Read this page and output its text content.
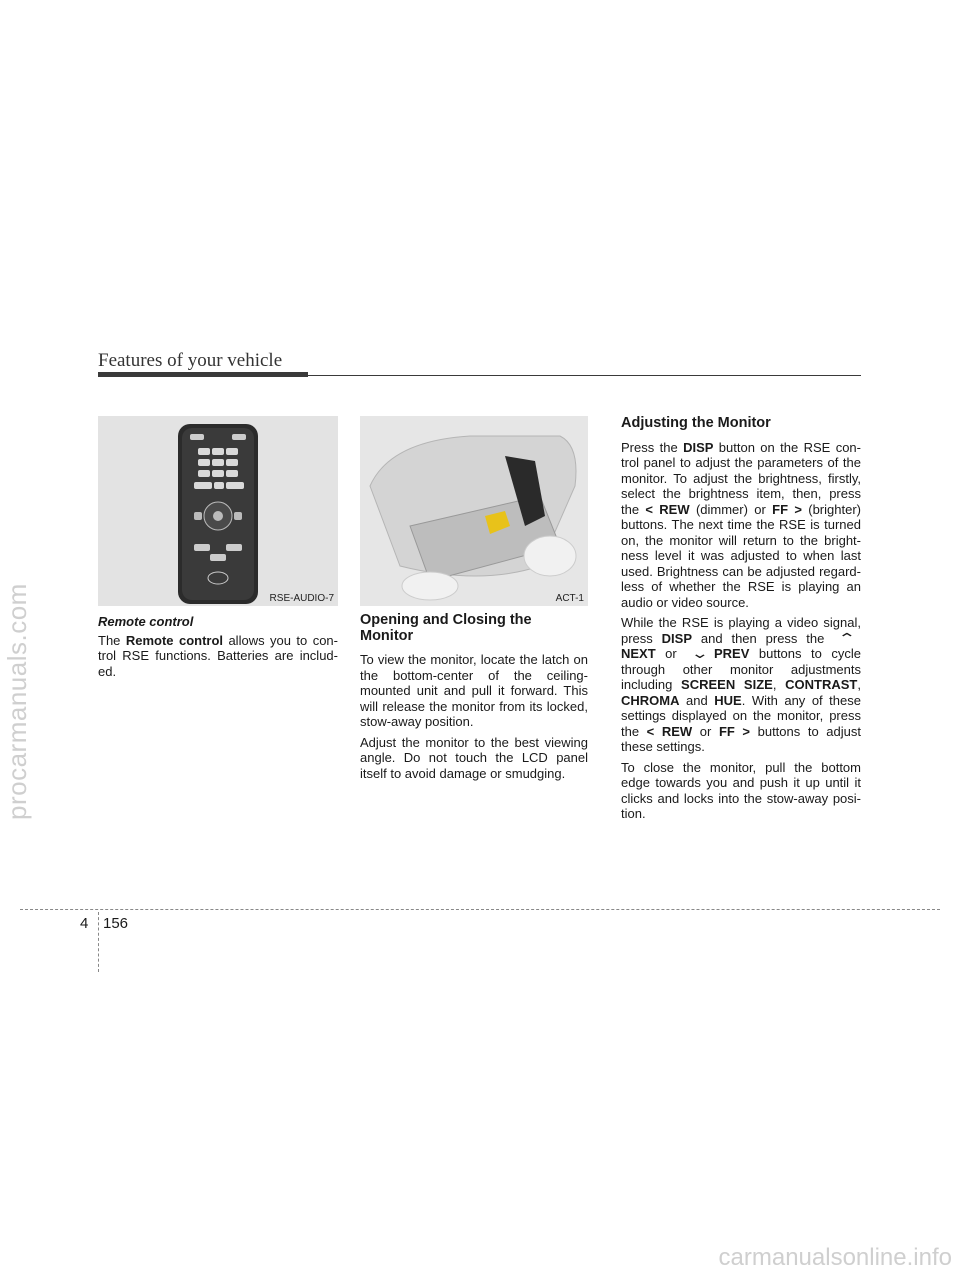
procarmanuals.com
carmanualsonline.info
Features of your vehicle
RSE-AUDIO-7	ACT-1
Remote control

The Remote control allows you to con-trol RSE functions. Batteries are includ-ed.

Opening and Closing the Monitor

To view the monitor, locate the latch on the bottom-center of the ceiling-mounted unit and pull it forward. This will release the monitor from its locked, stow-away position.

Adjust the monitor to the best viewing angle. Do not touch the LCD panel itself to avoid damage or smudging.

Adjusting the Monitor

Press the DISP button on the RSE con-trol panel to adjust the parameters of the monitor. To adjust the brightness, firstly, select the brightness item, then, press the < REW (dimmer) or FF > (brighter) buttons. The next time the RSE is turned on, the monitor will return to the bright-ness level it was adjusted to when last used. Brightness can be adjusted regard-less of whether the RSE is playing an audio or video source.

While the RSE is playing a video signal, press DISP and then press the ⌃NEXT or ⌄ PREV buttons to cycle through other monitor adjustments including SCREEN SIZE, CONTRAST, CHROMA and HUE. With any of these settings displayed on the monitor, press the < REW or FF > buttons to adjust these settings.

To close the monitor, pull the bottom edge towards you and push it up until it clicks and locks into the stow-away posi-tion.

4 156
